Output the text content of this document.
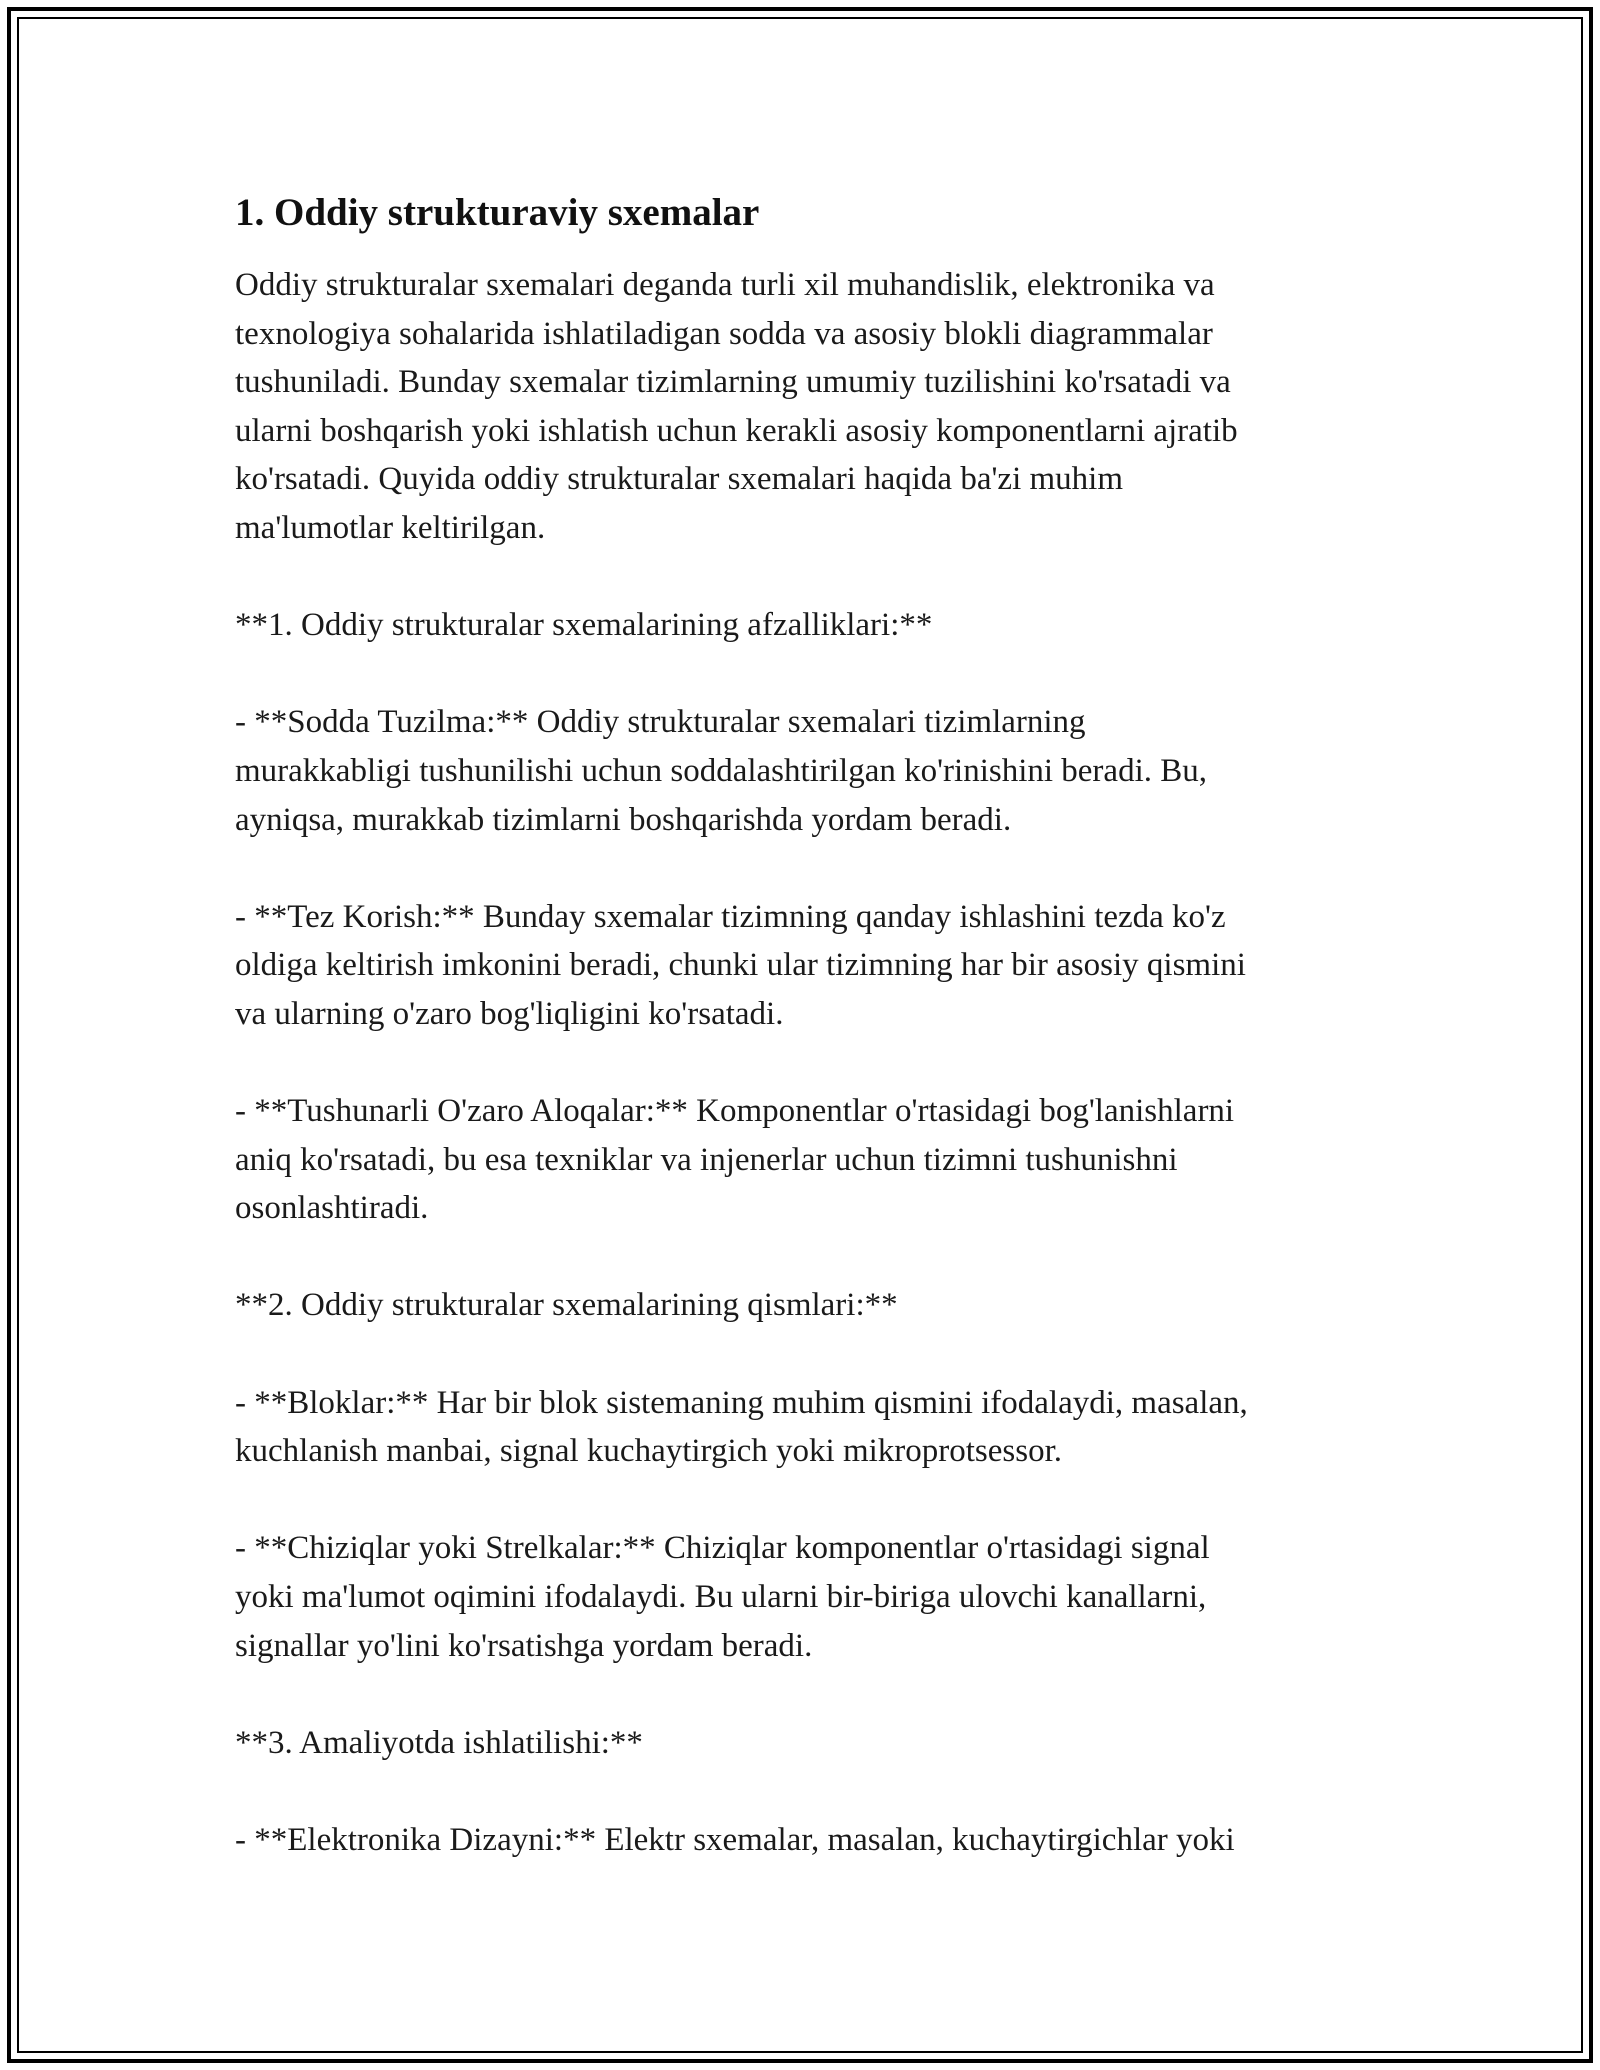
1. Oddiy strukturaviy sxemalar

Oddiy strukturalar sxemalari deganda turli xil muhandislik, elektronika va
texnologiya sohalarida ishlatiladigan sodda va asosiy blokli diagrammalar
tushuniladi. Bunday sxemalar tizimlarning umumiy tuzilishini ko'rsatadi va
ularni boshqarish yoki ishlatish uchun kerakli asosiy komponentlarni ajratib
ko'rsatadi. Quyida oddiy strukturalar sxemalari haqida ba'zi muhim
ma'lumotlar keltirilgan.

**1. Oddiy strukturalar sxemalarining afzalliklari:**

- **Sodda Tuzilma:** Oddiy strukturalar sxemalari tizimlarning
murakkabligi tushunilishi uchun soddalashtirilgan ko'rinishini beradi. Bu,
ayniqsa, murakkab tizimlarni boshqarishda yordam beradi.

- **Tez Korish:** Bunday sxemalar tizimning qanday ishlashini tezda ko'z
oldiga keltirish imkonini beradi, chunki ular tizimning har bir asosiy qismini
va ularning o'zaro bog'liqligini ko'rsatadi.

- **Tushunarli O'zaro Aloqalar:** Komponentlar o'rtasidagi bog'lanishlarni
aniq ko'rsatadi, bu esa texniklar va injenerlar uchun tizimni tushunishni
osonlashtiradi.

**2. Oddiy strukturalar sxemalarining qismlari:**

- **Bloklar:** Har bir blok sistemaning muhim qismini ifodalaydi, masalan,
kuchlanish manbai, signal kuchaytirgich yoki mikroprotsessor.

- **Chiziqlar yoki Strelkalar:** Chiziqlar komponentlar o'rtasidagi signal
yoki ma'lumot oqimini ifodalaydi. Bu ularni bir-biriga ulovchi kanallarni,
signallar yo'lini ko'rsatishga yordam beradi.

**3. Amaliyotda ishlatilishi:**

- **Elektronika Dizayni:** Elektr sxemalar, masalan, kuchaytirgichlar yoki
